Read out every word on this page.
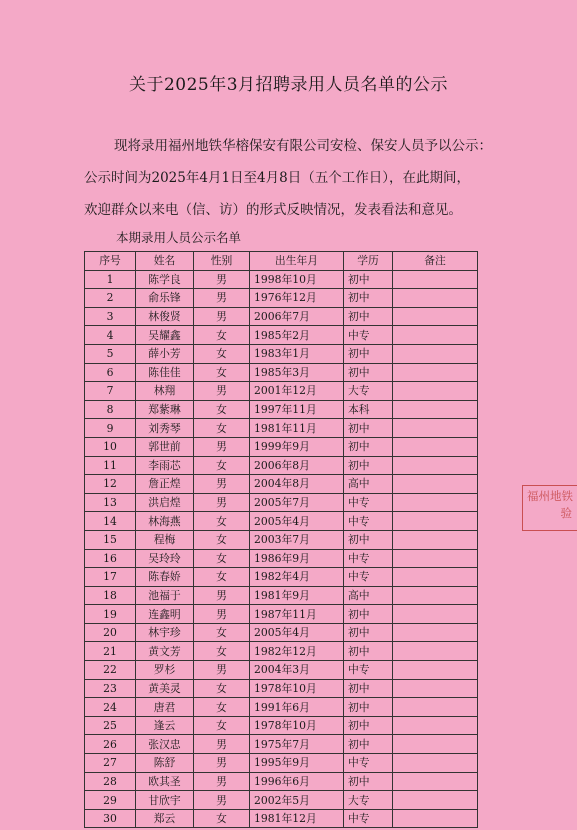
关于2025年3月招聘录用人员名单的公示
现将录用福州地铁华榕保安有限公司安检、保安人员予以公示：
公示时间为2025年4月1日至4月8日（五个工作日），在此期间，
欢迎群众以来电（信、访）的形式反映情况，发表看法和意见。
本期录用人员公示名单
序号	姓名	性别	出生年月	学历	备注
1	陈学良	男	1998年10月	初中	
2	俞乐锋	男	1976年12月	初中	
3	林俊贤	男	2006年7月	初中	
4	吴耀鑫	女	1985年2月	中专	
5	薛小芳	女	1983年1月	初中	
6	陈佳佳	女	1985年3月	初中	
7	林翔	男	2001年12月	大专	
8	郑紫琳	女	1997年11月	本科	
9	刘秀琴	女	1981年11月	初中	
10	郭世前	男	1999年9月	初中	
11	李雨芯	女	2006年8月	初中	
12	詹正煌	男	2004年8月	高中	
13	洪启煌	男	2005年7月	中专	
14	林海燕	女	2005年4月	中专	
15	程梅	女	2003年7月	初中	
16	吴玲玲	女	1986年9月	中专	
17	陈春娇	女	1982年4月	中专	
18	池福于	男	1981年9月	高中	
19	连鑫明	男	1987年11月	初中	
20	林宇珍	女	2005年4月	初中	
21	黄文芳	女	1982年12月	初中	
22	罗杉	男	2004年3月	中专	
23	黄美灵	女	1978年10月	初中	
24	唐君	女	1991年6月	初中	
25	逢云	女	1978年10月	初中	
26	张汉忠	男	1975年7月	初中	
27	陈舒	男	1995年9月	中专	
28	欧其圣	男	1996年6月	初中	
29	甘欣宇	男	2002年5月	大专	
30	郑云	女	1981年12月	中专	
福州地铁
验
